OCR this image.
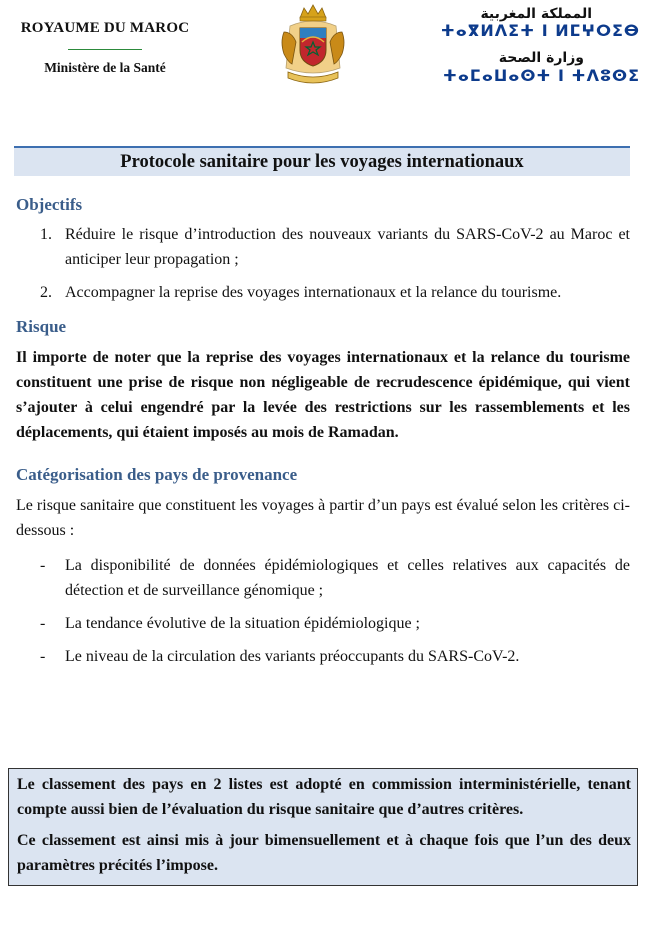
ROYAUME DU MAROC
Ministère de la Santé
المملكة المغربية
ⵜⴰⴳⵍⴷⵉⵜ ⵏ ⵍⵎⵖⵔⵉⴱ
وزارة الصحة
ⵜⴰⵎⴰⵡⴰⵙⵜ ⵏ ⵜⴷⵓⵙⵉ
Protocole sanitaire pour les voyages internationaux
Objectifs
1. Réduire le risque d’introduction des nouveaux variants du SARS-CoV-2 au Maroc et anticiper leur propagation ;
2. Accompagner la reprise des voyages internationaux et la relance du tourisme.
Risque

Il importe de noter que la reprise des voyages internationaux et la relance du tourisme constituent une prise de risque non négligeable de recrudescence épidémique, qui vient s’ajouter à celui engendré par la levée des restrictions sur les rassemblements et les déplacements, qui étaient imposés au mois de Ramadan.

Catégorisation des pays de provenance

Le risque sanitaire que constituent les voyages à partir d’un pays est évalué selon les critères ci-dessous :

- La disponibilité de données épidémiologiques et celles relatives aux capacités de détection et de surveillance génomique ;
- La tendance évolutive de la situation épidémiologique ;
- Le niveau de la circulation des variants préoccupants du SARS-CoV-2.

Le classement des pays en 2 listes est adopté en commission interministérielle, tenant compte aussi bien de l’évaluation du risque sanitaire que d’autres critères.

Ce classement est ainsi mis à jour bimensuellement et à chaque fois que l’un des deux paramètres précités l’impose.
